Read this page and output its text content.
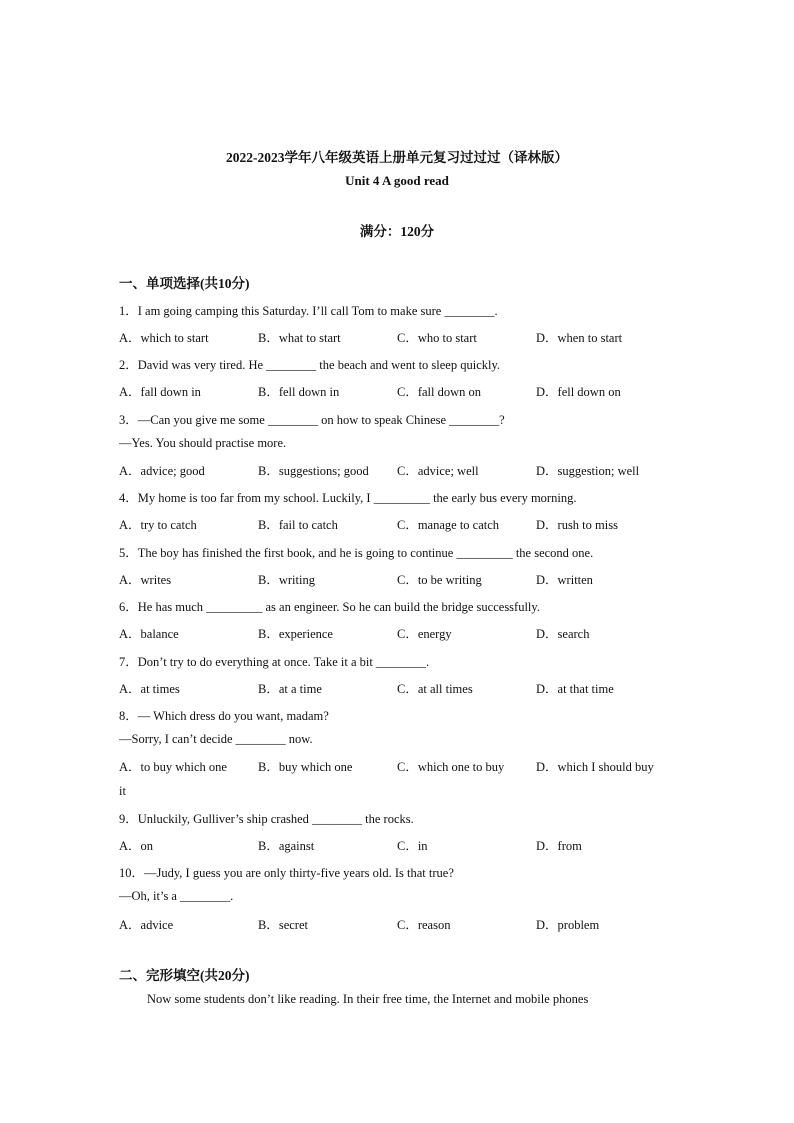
2022-2023学年八年级英语上册单元复习过过过（译林版）
Unit 4 A good read
满分：120分
一、单项选择(共10分)
1．I am going camping this Saturday. I’ll call Tom to make sure ________.
A．which to start	B．what to start	C．who to start	D．when to start
2．David was very tired. He ________ the beach and went to sleep quickly.
A．fall down in	B．fell down in	C．fall down on	D．fell down on
3．—Can you give me some ________ on how to speak Chinese ________?
—Yes. You should practise more.
A．advice; good	B．suggestions; good C．advice; well	D．suggestion; well
4．My home is too far from my school. Luckily, I _________ the early bus every morning.
A．try to catch	B．fail to catch	C．manage to catch	D．rush to miss
5．The boy has finished the first book, and he is going to continue _________ the second one.
A．writes	B．writing	C．to be writing	D．written
6．He has much _________ as an engineer. So he can build the bridge successfully.
A．balance	B．experience	C．energy	D．search
7．Don’t try to do everything at once. Take it a bit ________.
A．at times	B．at a time	C．at all times	D．at that time
8．— Which dress do you want, madam?
—Sorry, I can’t decide ________ now.
A．to buy which one B．buy which one	C．which one to buy	D．which I should buy
it
9．Unluckily, Gulliver’s ship crashed ________ the rocks.
A．on	B．against	C．in	D．from
10．—Judy, I guess you are only thirty-five years old. Is that true?
—Oh, it’s a ________.
A．advice	B．secret	C．reason	D．problem
二、完形填空(共20分)
Now some students don’t like reading. In their free time, the Internet and mobile phones
